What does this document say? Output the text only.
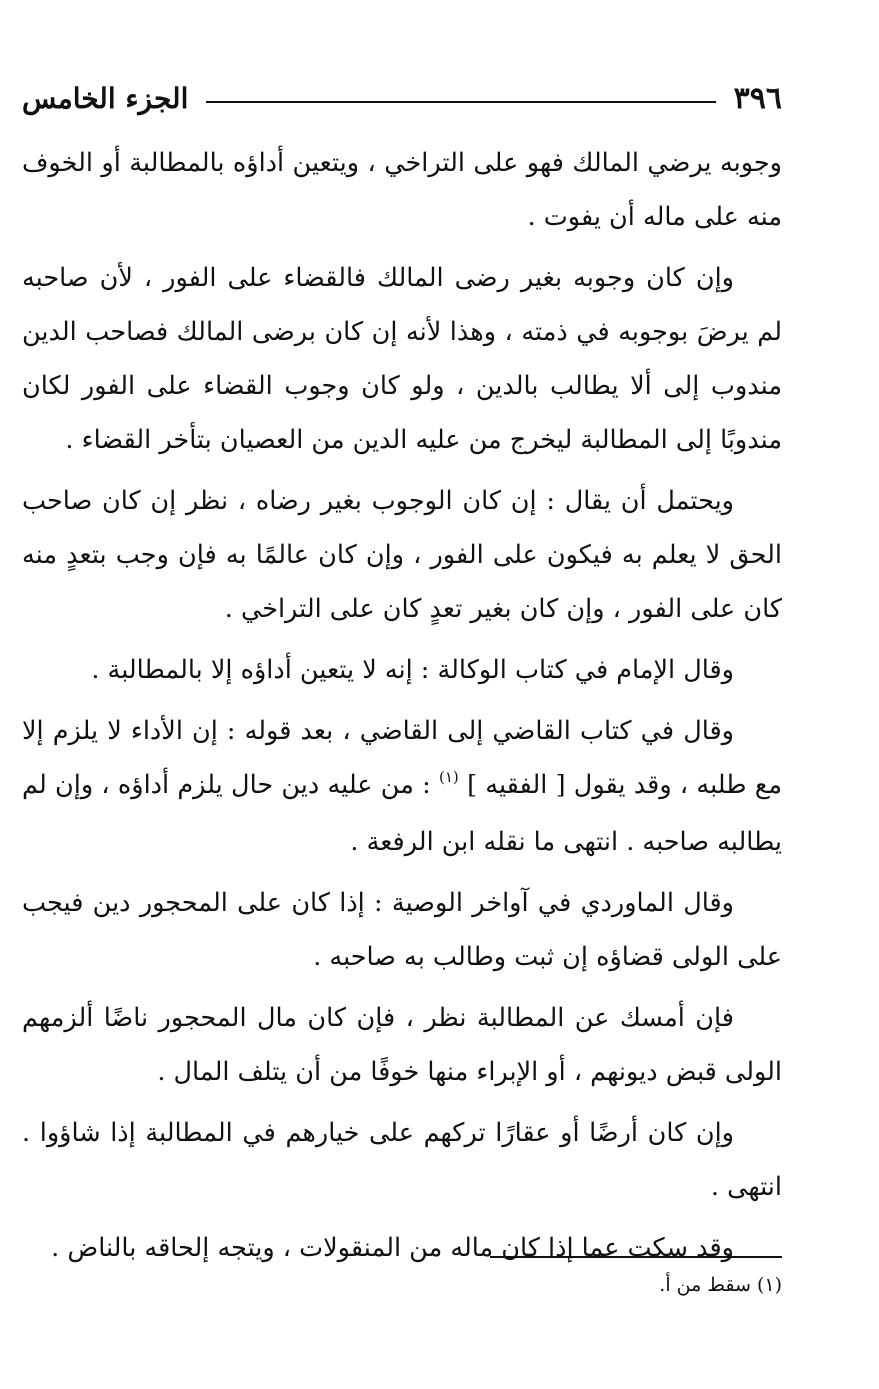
٣٩٦
الجزء الخامس

وجوبه يرضي المالك فهو على التراخي ، ويتعين أداؤه بالمطالبة أو الخوف منه على ماله أن يفوت .

وإن كان وجوبه بغير رضى المالك فالقضاء على الفور ، لأن صاحبه لم يرضَ بوجوبه في ذمته ، وهذا لأنه إن كان برضى المالك فصاحب الدين مندوب إلى ألا يطالب بالدين ، ولو كان وجوب القضاء على الفور لكان مندوبًا إلى المطالبة ليخرج من عليه الدين من العصيان بتأخر القضاء .

ويحتمل أن يقال : إن كان الوجوب بغير رضاه ، نظر إن كان صاحب الحق لا يعلم به فيكون على الفور ، وإن كان عالمًا به فإن وجب بتعدٍ منه كان على الفور ، وإن كان بغير تعدٍ كان على التراخي .

وقال الإمام في كتاب الوكالة : إنه لا يتعين أداؤه إلا بالمطالبة .

وقال في كتاب القاضي إلى القاضي ، بعد قوله : إن الأداء لا يلزم إلا مع طلبه ، وقد يقول [ الفقيه ] $^{(١)}$ : من عليه دين حال يلزم أداؤه ، وإن لم يطالبه صاحبه . انتهى ما نقله ابن الرفعة .

وقال الماوردي في آواخر الوصية : إذا كان على المحجور دين فيجب على الولى قضاؤه إن ثبت وطالب به صاحبه .

فإن أمسك عن المطالبة نظر ، فإن كان مال المحجور ناضًا ألزمهم الولى قبض ديونهم ، أو الإبراء منها خوفًا من أن يتلف المال .

وإن كان أرضًا أو عقارًا تركهم على خيارهم في المطالبة إذا شاؤوا . انتهى .

وقد سكت عما إذا كان ماله من المنقولات ، ويتجه إلحاقه بالناض .

(١) سقط من أ.
